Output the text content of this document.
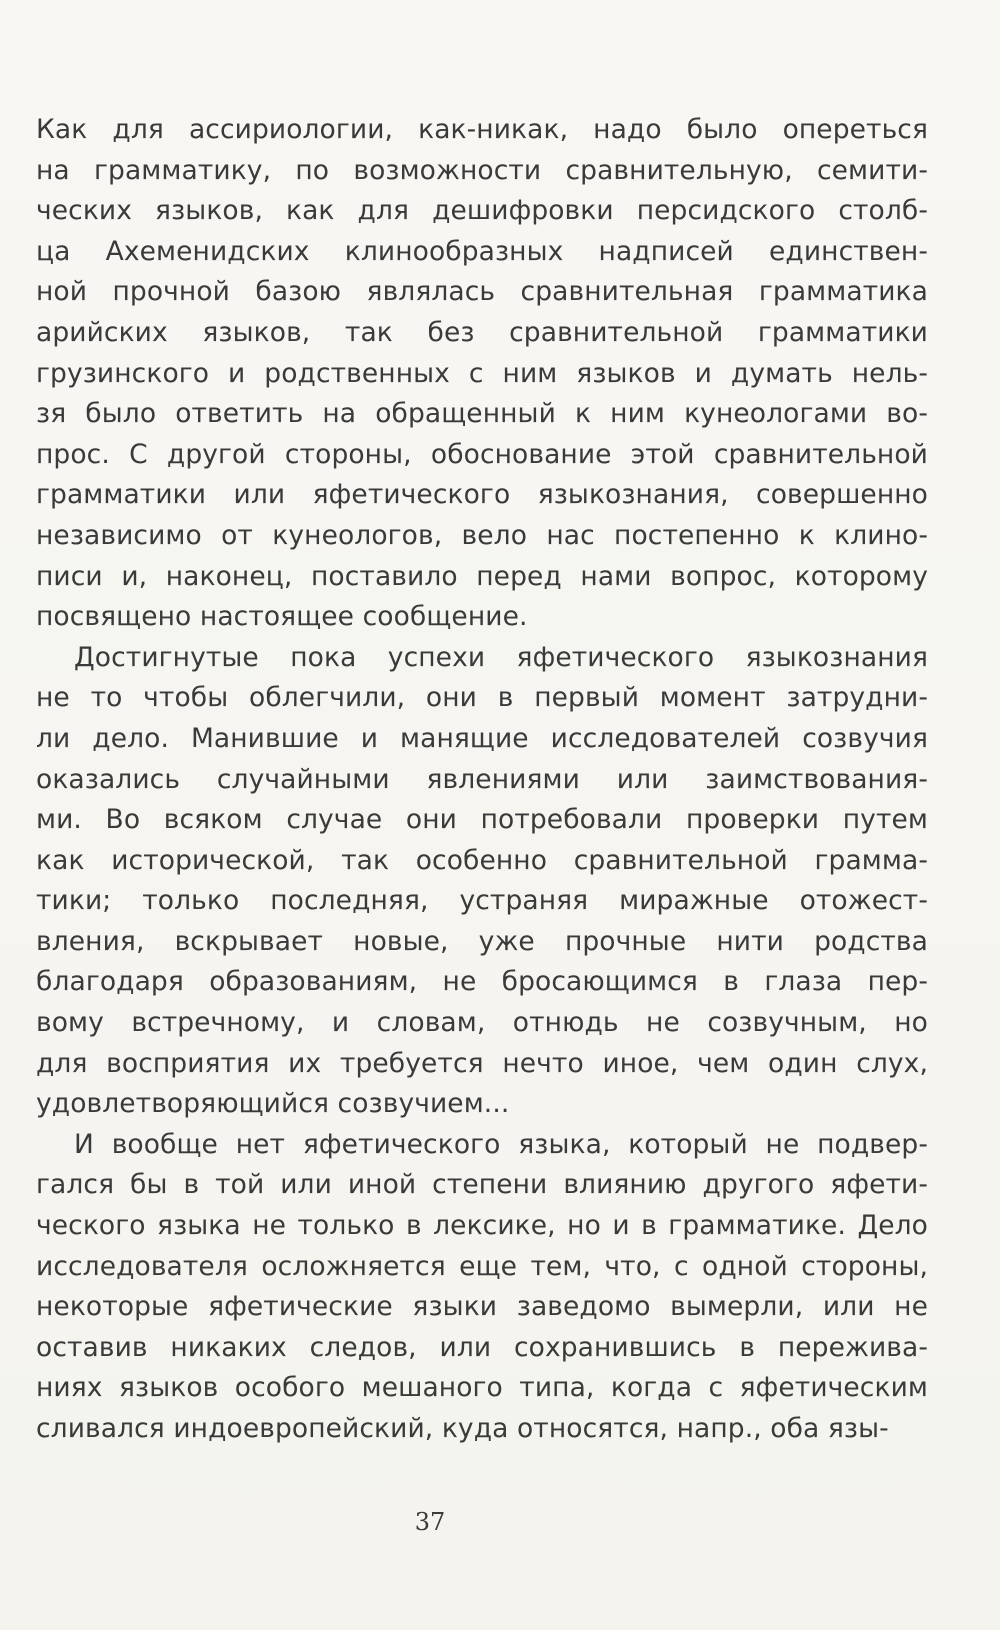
Как для ассириологии, как-никак, надо было опереться
на грамматику, по возможности сравнительную, семити-
ческих языков, как для дешифровки персидского столб-
ца Ахеменидских клинообразных надписей единствен-
ной прочной базою являлась сравнительная грамматика
арийских языков, так без сравнительной грамматики
грузинского и родственных с ним языков и думать нель-
зя было ответить на обращенный к ним кунеологами во-
прос. С другой стороны, обоснование этой сравнительной
грамматики или яфетического языкознания, совершенно
независимо от кунеологов, вело нас постепенно к клино-
писи и, наконец, поставило перед нами вопрос, которому
посвящено настоящее сообщение.
Достигнутые пока успехи яфетического языкознания
не то чтобы облегчили, они в первый момент затрудни-
ли дело. Манившие и манящие исследователей созвучия
оказались случайными явлениями или заимствования-
ми. Во всяком случае они потребовали проверки путем
как исторической, так особенно сравнительной грамма-
тики; только последняя, устраняя миражные отожест-
вления, вскрывает новые, уже прочные нити родства
благодаря образованиям, не бросающимся в глаза пер-
вому встречному, и словам, отнюдь не созвучным, но
для восприятия их требуется нечто иное, чем один слух,
удовлетворяющийся созвучием...
И вообще нет яфетического языка, который не подвер-
гался бы в той или иной степени влиянию другого яфети-
ческого языка не только в лексике, но и в грамматике. Дело
исследователя осложняется еще тем, что, с одной стороны,
некоторые яфетические языки заведомо вымерли, или не
оставив никаких следов, или сохранившись в пережива-
ниях языков особого мешаного типа, когда с яфетическим
сливался индоевропейский, куда относятся, напр., оба язы-
37
